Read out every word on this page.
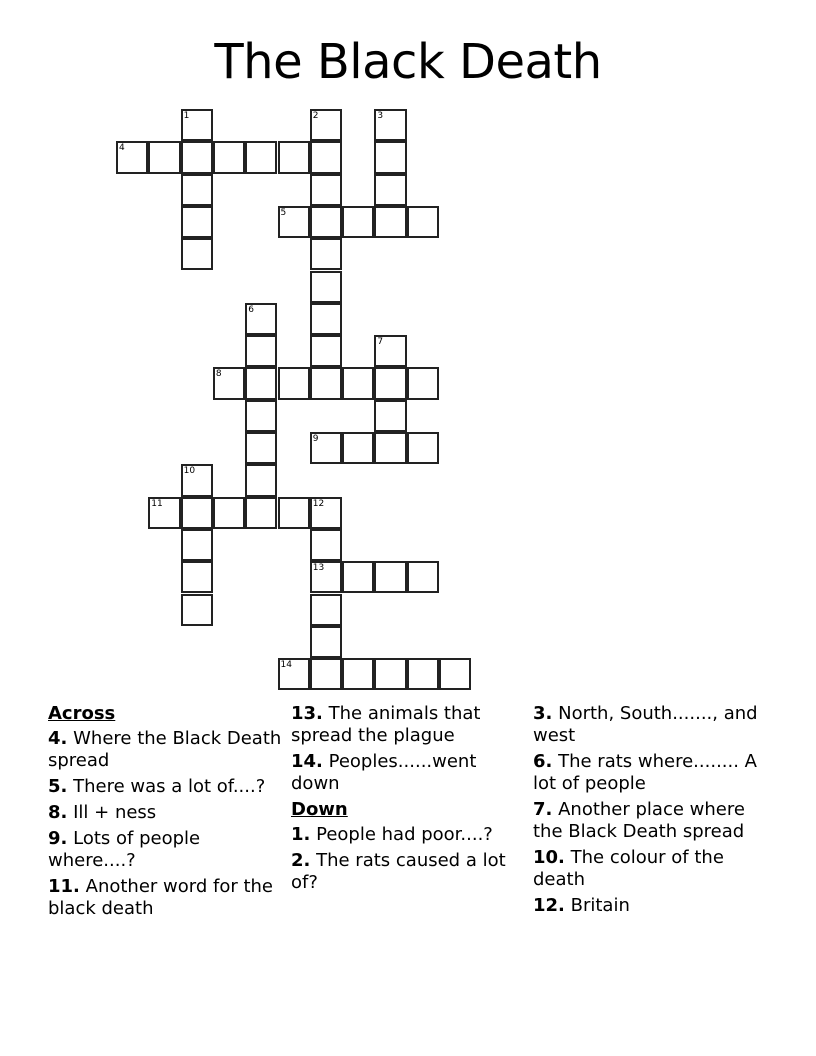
The Black Death
1	2	3
4
5
6
7
8
9
10
11	12
13
14
Across
4. Where the Black Death spread
5. There was a lot of....?
8. Ill + ness
9. Lots of people where....?
11. Another word for the black death
13. The animals that spread the plague
14. Peoples......went down
Down
1. People had poor....?
2. The rats caused a lot of?
3. North, South......., and west
6. The rats where........ A lot of people
7. Another place where the Black Death spread
10. The colour of the death
12. Britain
